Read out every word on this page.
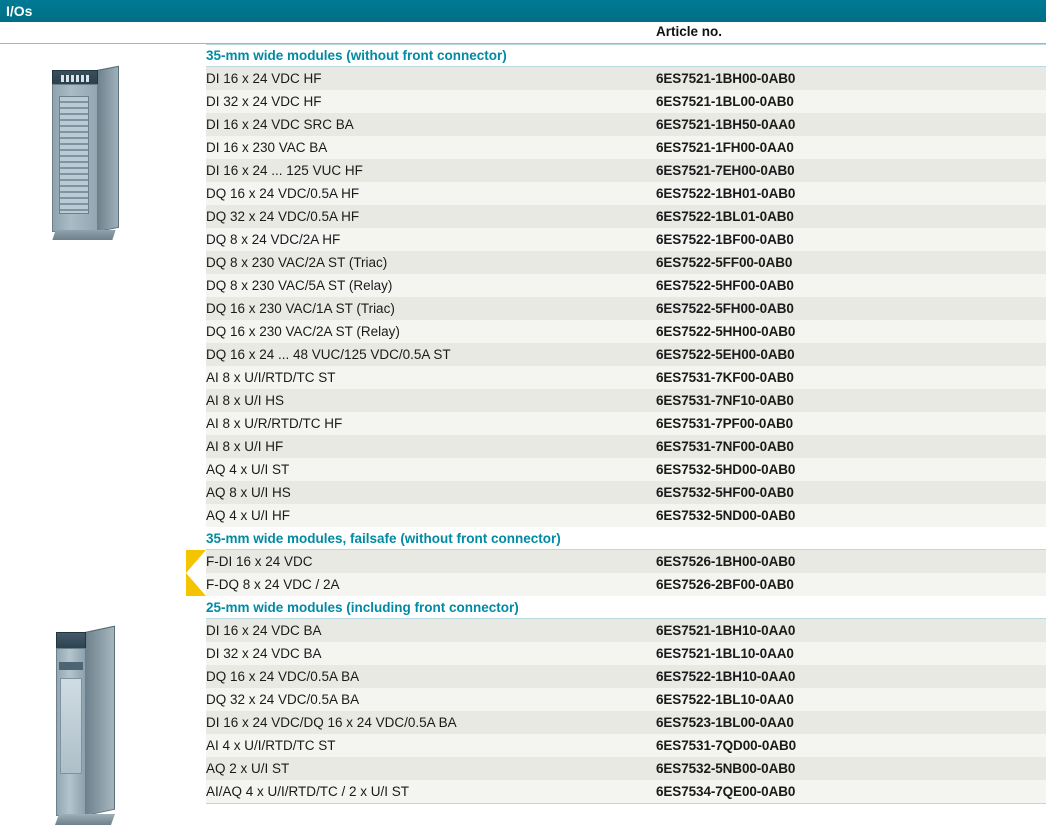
I/Os
Article no.
35-mm wide modules (without front connector)
DI 16 x 24 VDC HF	6ES7521-1BH00-0AB0
DI 32 x 24 VDC HF	6ES7521-1BL00-0AB0
DI 16 x 24 VDC SRC BA	6ES7521-1BH50-0AA0
DI 16 x 230 VAC BA	6ES7521-1FH00-0AA0
DI 16 x 24 ... 125 VUC HF	6ES7521-7EH00-0AB0
DQ 16 x 24 VDC/0.5A HF	6ES7522-1BH01-0AB0
DQ 32 x 24 VDC/0.5A HF	6ES7522-1BL01-0AB0
DQ 8 x 24 VDC/2A HF	6ES7522-1BF00-0AB0
DQ 8 x 230 VAC/2A ST (Triac)	6ES7522-5FF00-0AB0
DQ 8 x 230 VAC/5A ST (Relay)	6ES7522-5HF00-0AB0
DQ 16 x 230 VAC/1A ST (Triac)	6ES7522-5FH00-0AB0
DQ 16 x 230 VAC/2A ST (Relay)	6ES7522-5HH00-0AB0
DQ 16 x 24 ... 48 VUC/125 VDC/0.5A ST	6ES7522-5EH00-0AB0
AI 8 x U/I/RTD/TC ST	6ES7531-7KF00-0AB0
AI 8 x U/I HS	6ES7531-7NF10-0AB0
AI 8 x U/R/RTD/TC HF	6ES7531-7PF00-0AB0
AI 8 x U/I HF	6ES7531-7NF00-0AB0
AQ 4 x U/I ST	6ES7532-5HD00-0AB0
AQ 8 x U/I HS	6ES7532-5HF00-0AB0
AQ 4 x U/I HF	6ES7532-5ND00-0AB0
35-mm wide modules, failsafe (without front connector)
F-DI 16 x 24 VDC	6ES7526-1BH00-0AB0
F-DQ 8 x 24 VDC / 2A	6ES7526-2BF00-0AB0
25-mm wide modules (including front connector)
DI 16 x 24 VDC BA	6ES7521-1BH10-0AA0
DI 32 x 24 VDC BA	6ES7521-1BL10-0AA0
DQ 16 x 24 VDC/0.5A BA	6ES7522-1BH10-0AA0
DQ 32 x 24 VDC/0.5A BA	6ES7522-1BL10-0AA0
DI 16 x 24 VDC/DQ 16 x 24 VDC/0.5A BA	6ES7523-1BL00-0AA0
AI 4 x U/I/RTD/TC ST	6ES7531-7QD00-0AB0
AQ 2 x U/I ST	6ES7532-5NB00-0AB0
AI/AQ 4 x U/I/RTD/TC / 2 x U/I ST	6ES7534-7QE00-0AB0
